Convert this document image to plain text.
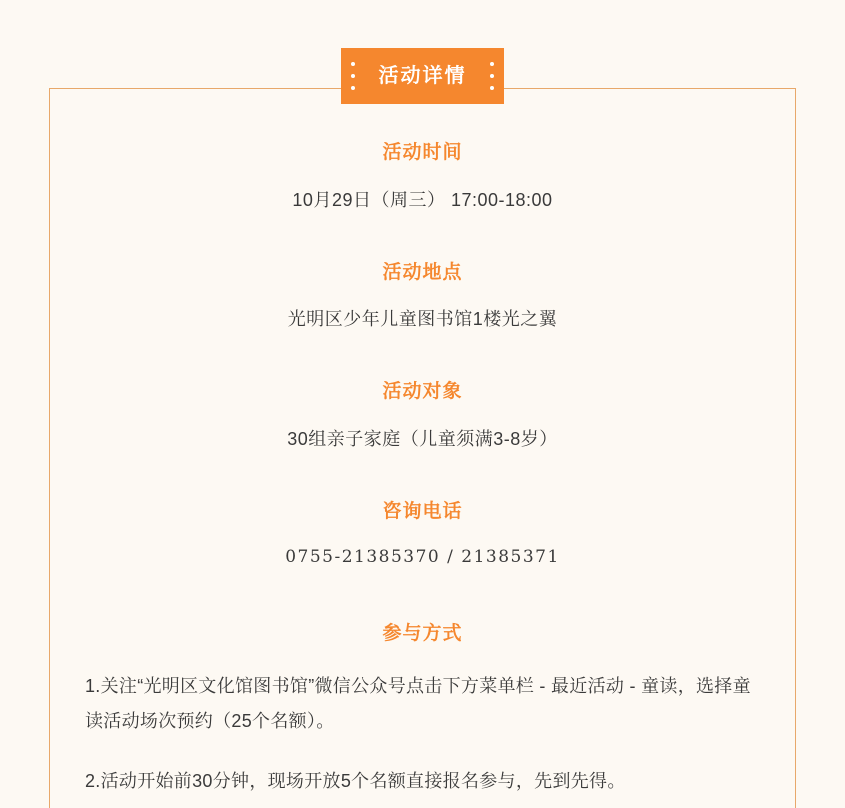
活动详情

活动时间

10月29日（周三） 17:00-18:00

活动地点

光明区少年儿童图书馆1楼光之翼

活动对象

30组亲子家庭（儿童须满3-8岁）

咨询电话

0755-21385370 / 21385371

参与方式

1.关注“光明区文化馆图书馆”微信公众号点击下方菜单栏 - 最近活动 - 童读，选择童读活动场次预约（25个名额）。

2.活动开始前30分钟，现场开放5个名额直接报名参与，先到先得。
